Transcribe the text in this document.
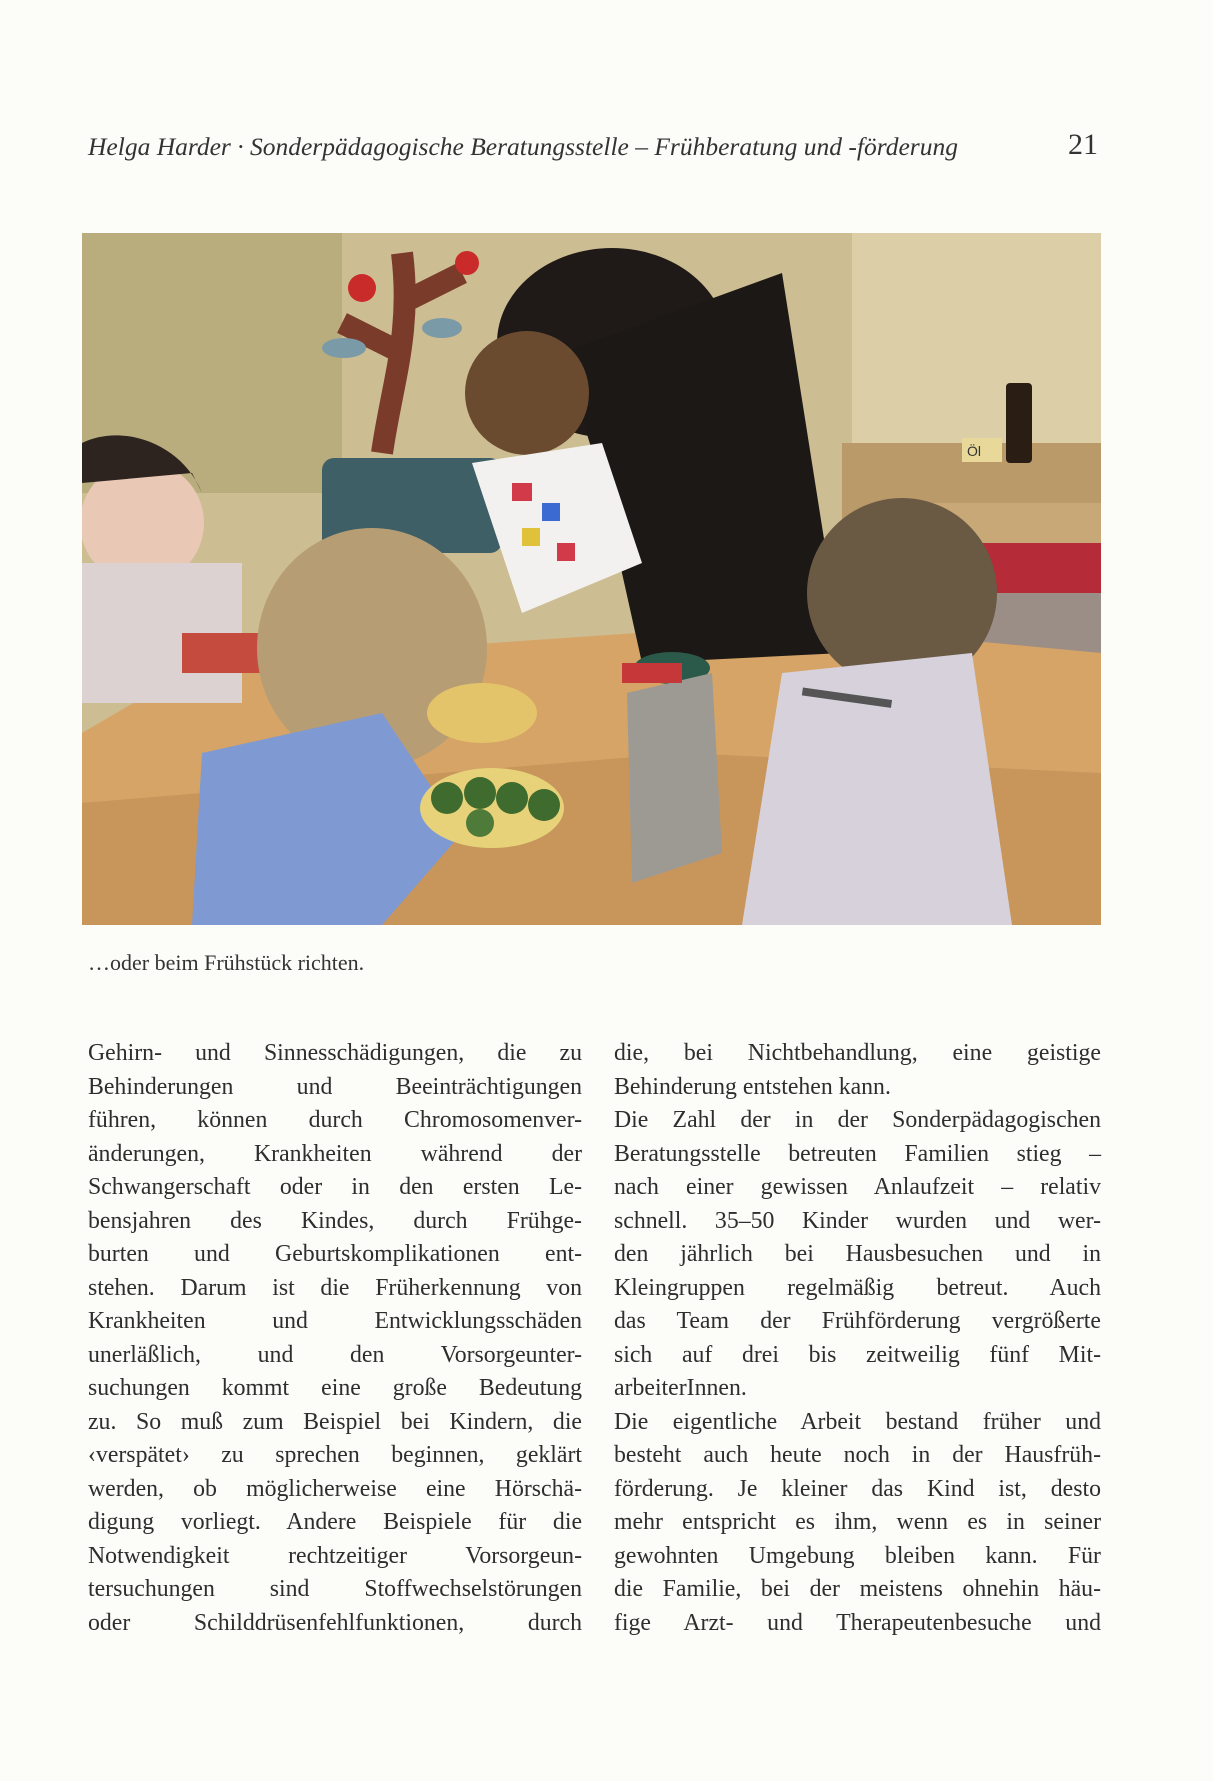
Helga Harder · Sonderpädagogische Beratungsstelle – Frühberatung und -förderung	21
Öl
…oder beim Frühstück richten.
Gehirn- und Sinnesschädigungen, die zu
Behinderungen und Beeinträchtigungen
führen, können durch Chromosomenver-
änderungen, Krankheiten während der
Schwangerschaft oder in den ersten Le-
bensjahren des Kindes, durch Frühge-
burten und Geburtskomplikationen ent-
stehen. Darum ist die Früherkennung von
Krankheiten und Entwicklungsschäden
unerläßlich, und den Vorsorgeunter-
suchungen kommt eine große Bedeutung
zu. So muß zum Beispiel bei Kindern, die
‹verspätet› zu sprechen beginnen, geklärt
werden, ob möglicherweise eine Hörschä-
digung vorliegt. Andere Beispiele für die
Notwendigkeit rechtzeitiger Vorsorgeun-
tersuchungen sind Stoffwechselstörungen
oder Schilddrüsenfehlfunktionen, durch
die, bei Nichtbehandlung, eine geistige
Behinderung entstehen kann.
Die Zahl der in der Sonderpädagogischen
Beratungsstelle betreuten Familien stieg –
nach einer gewissen Anlaufzeit – relativ
schnell. 35–50 Kinder wurden und wer-
den jährlich bei Hausbesuchen und in
Kleingruppen regelmäßig betreut. Auch
das Team der Frühförderung vergrößerte
sich auf drei bis zeitweilig fünf Mit-
arbeiterInnen.
Die eigentliche Arbeit bestand früher und
besteht auch heute noch in der Hausfrüh-
förderung. Je kleiner das Kind ist, desto
mehr entspricht es ihm, wenn es in seiner
gewohnten Umgebung bleiben kann. Für
die Familie, bei der meistens ohnehin häu-
fige Arzt- und Therapeutenbesuche und
